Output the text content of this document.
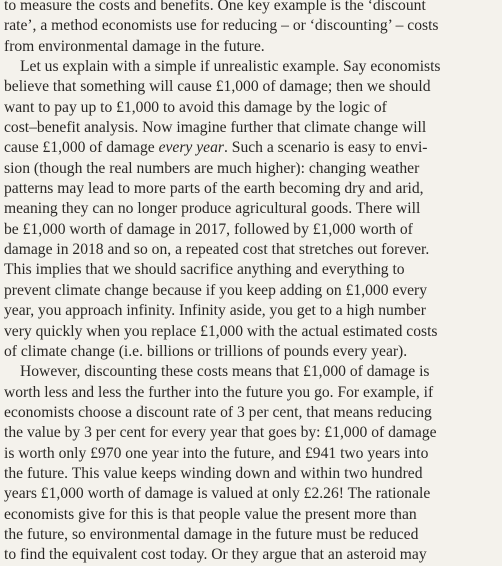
to measure the costs and benefits. One key example is the ‘discount
rate’, a method economists use for reducing – or ‘discounting’ – costs
from environmental damage in the future.
Let us explain with a simple if unrealistic example. Say economists
believe that something will cause £1,000 of damage; then we should
want to pay up to £1,000 to avoid this damage by the logic of
cost–benefit analysis. Now imagine further that climate change will
cause £1,000 of damage every year. Such a scenario is easy to envi-
sion (though the real numbers are much higher): changing weather
patterns may lead to more parts of the earth becoming dry and arid,
meaning they can no longer produce agricultural goods. There will
be £1,000 worth of damage in 2017, followed by £1,000 worth of
damage in 2018 and so on, a repeated cost that stretches out forever.
This implies that we should sacrifice anything and everything to
prevent climate change because if you keep adding on £1,000 every
year, you approach infinity. Infinity aside, you get to a high number
very quickly when you replace £1,000 with the actual estimated costs
of climate change (i.e. billions or trillions of pounds every year).
However, discounting these costs means that £1,000 of damage is
worth less and less the further into the future you go. For example, if
economists choose a discount rate of 3 per cent, that means reducing
the value by 3 per cent for every year that goes by: £1,000 of damage
is worth only £970 one year into the future, and £941 two years into
the future. This value keeps winding down and within two hundred
years £1,000 worth of damage is valued at only £2.26! The rationale
economists give for this is that people value the present more than
the future, so environmental damage in the future must be reduced
to find the equivalent cost today. Or they argue that an asteroid may
